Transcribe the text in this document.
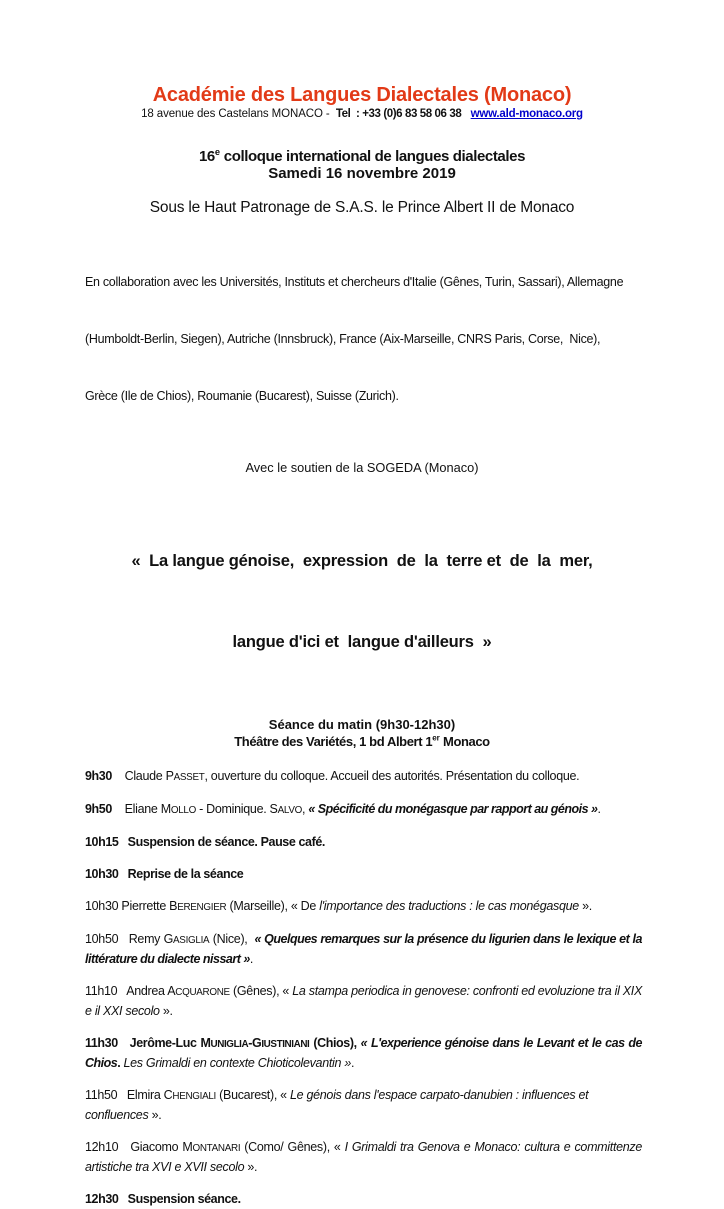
Académie des Langues Dialectales (Monaco)
18 avenue des Castelans MONACO -  Tel  : +33 (0)6 83 58 06 38 www.ald-monaco.org
16e colloque international de langues dialectales
Samedi 16 novembre 2019
Sous le Haut Patronage de S.A.S. le Prince Albert II de Monaco

En collaboration avec les Universités, Instituts et chercheurs d'Italie (Gênes, Turin, Sassari), Allemagne

(Humboldt-Berlin, Siegen), Autriche (Innsbruck), France (Aix-Marseille, CNRS Paris, Corse,  Nice),

Grèce (Ile de Chios), Roumanie (Bucarest), Suisse (Zurich).

Avec le soutien de la SOGEDA (Monaco)

«  La langue génoise,  expression  de  la  terre et  de  la  mer,

langue d'ici et  langue d'ailleurs  »

Séance du matin (9h30-12h30)
Théâtre des Variétés, 1 bd Albert 1er Monaco

9h30    Claude PASSET, ouverture du colloque. Accueil des autorités. Présentation du colloque.

9h50    Eliane MOLLO - Dominique. SALVO, « Spécificité du monégasque par rapport au génois ».

10h15   Suspension de séance. Pause café.

10h30   Reprise de la séance

10h30 Pierrette BERENGIER (Marseille), « De l'importance des traductions : le cas monégasque ».

10h50   Remy GASIGLIA (Nice),  « Quelques remarques sur la présence du ligurien dans le lexique et la littérature du dialecte nissart ».

11h10   Andrea ACQUARONE (Gênes), « La stampa periodica in genovese: confronti ed evoluzione tra il XIX e il XXI secolo ».

11h30   Jerôme-Luc MUNIGLIA-GIUSTINIANI (Chios), « L'experience génoise dans le Levant et le cas de Chios. Les Grimaldi en contexte Chioticolevantin ».

11h50   Elmira CHENGIALI (Bucarest), « Le génois dans l'espace carpato-danubien : influences et confluences ».

12h10   Giacomo MONTANARI (Como/ Gênes), « I Grimaldi tra Genova e Monaco: cultura e committenze artistiche tra XVI e XVII secolo ».

12h30   Suspension séance.
